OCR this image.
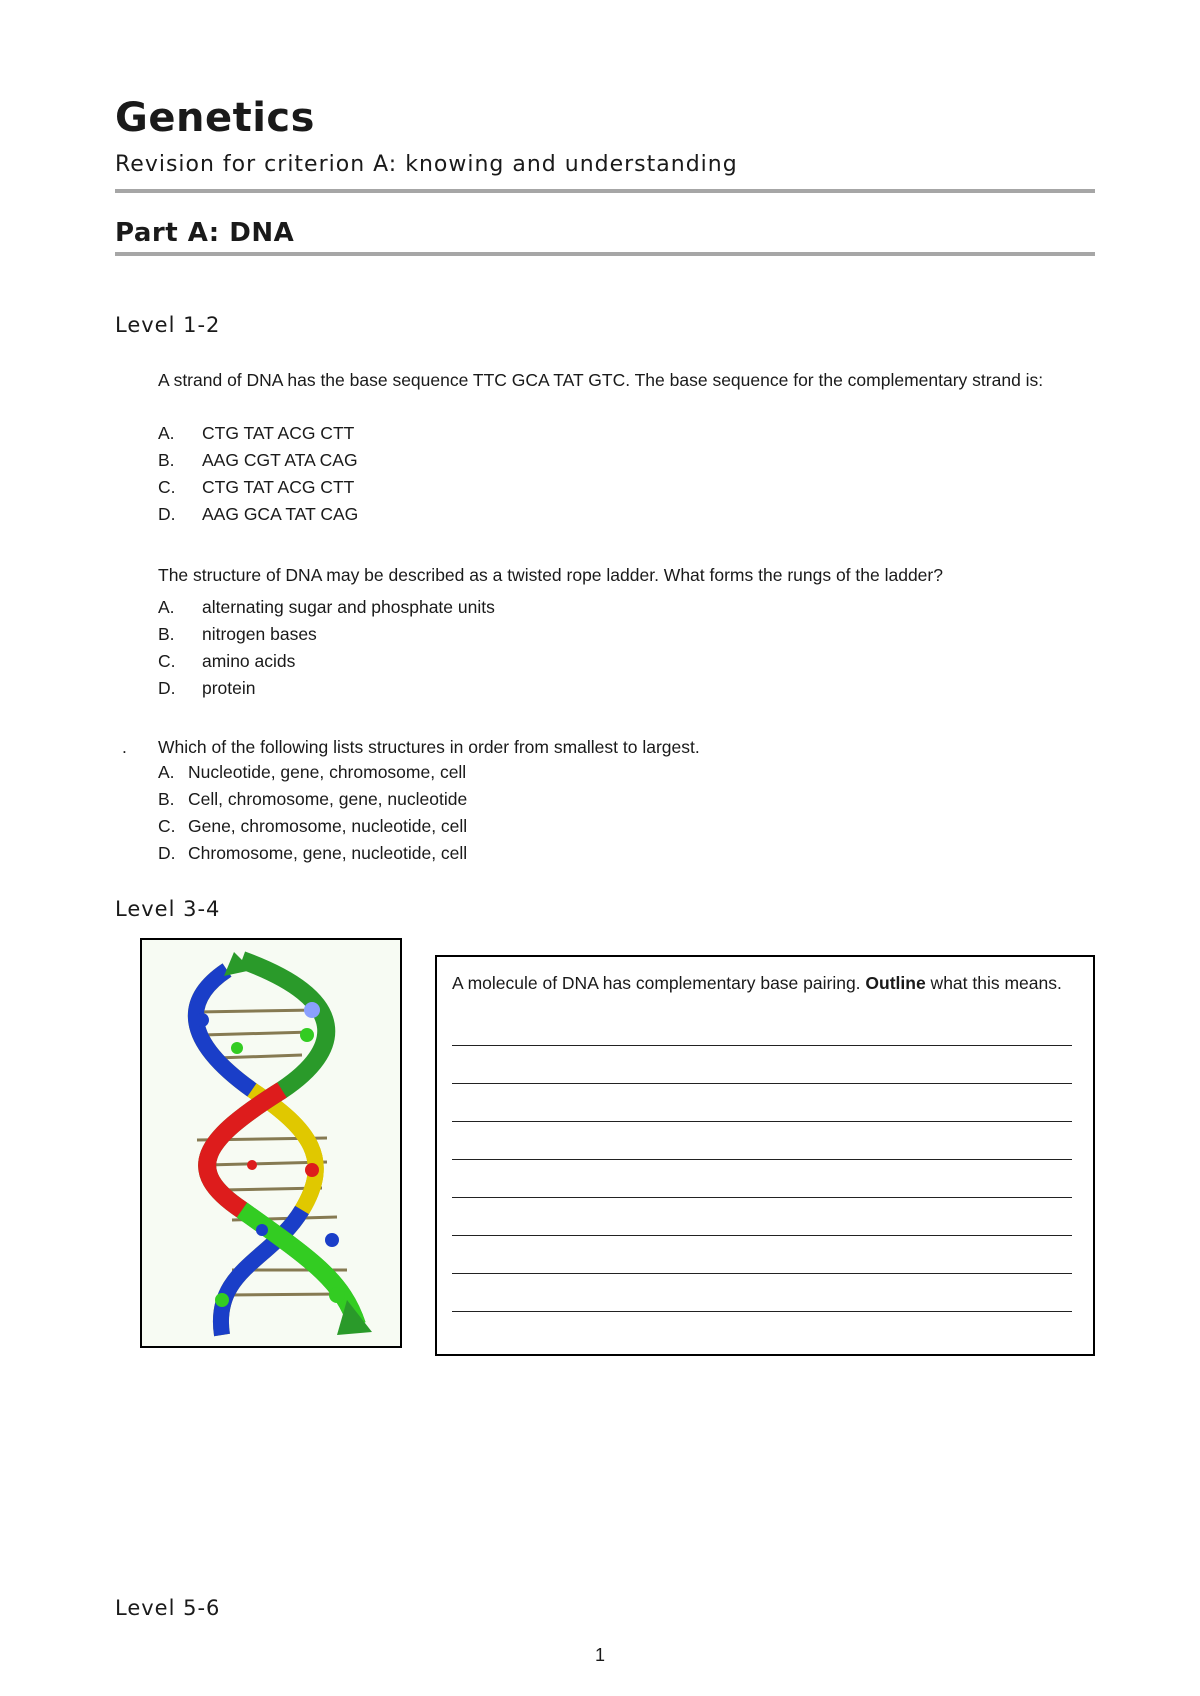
Genetics
Revision for criterion A: knowing and understanding
Part A: DNA
Level 1-2
A strand of DNA has the base sequence TTC GCA TAT GTC. The base sequence for the complementary strand is:
A. CTG TAT ACG CTT
B. AAG CGT ATA CAG
C. CTG TAT ACG CTT
D. AAG GCA TAT CAG
The structure of DNA may be described as a twisted rope ladder. What forms the rungs of the ladder?
A. alternating sugar and phosphate units
B. nitrogen bases
C. amino acids
D. protein
. Which of the following lists structures in order from smallest to largest.
A. Nucleotide, gene, chromosome, cell
B. Cell, chromosome, gene, nucleotide
C. Gene, chromosome, nucleotide, cell
D. Chromosome, gene, nucleotide, cell
Level 3-4
A molecule of DNA has complementary base pairing. Outline what this means.
Level 5-6
1
